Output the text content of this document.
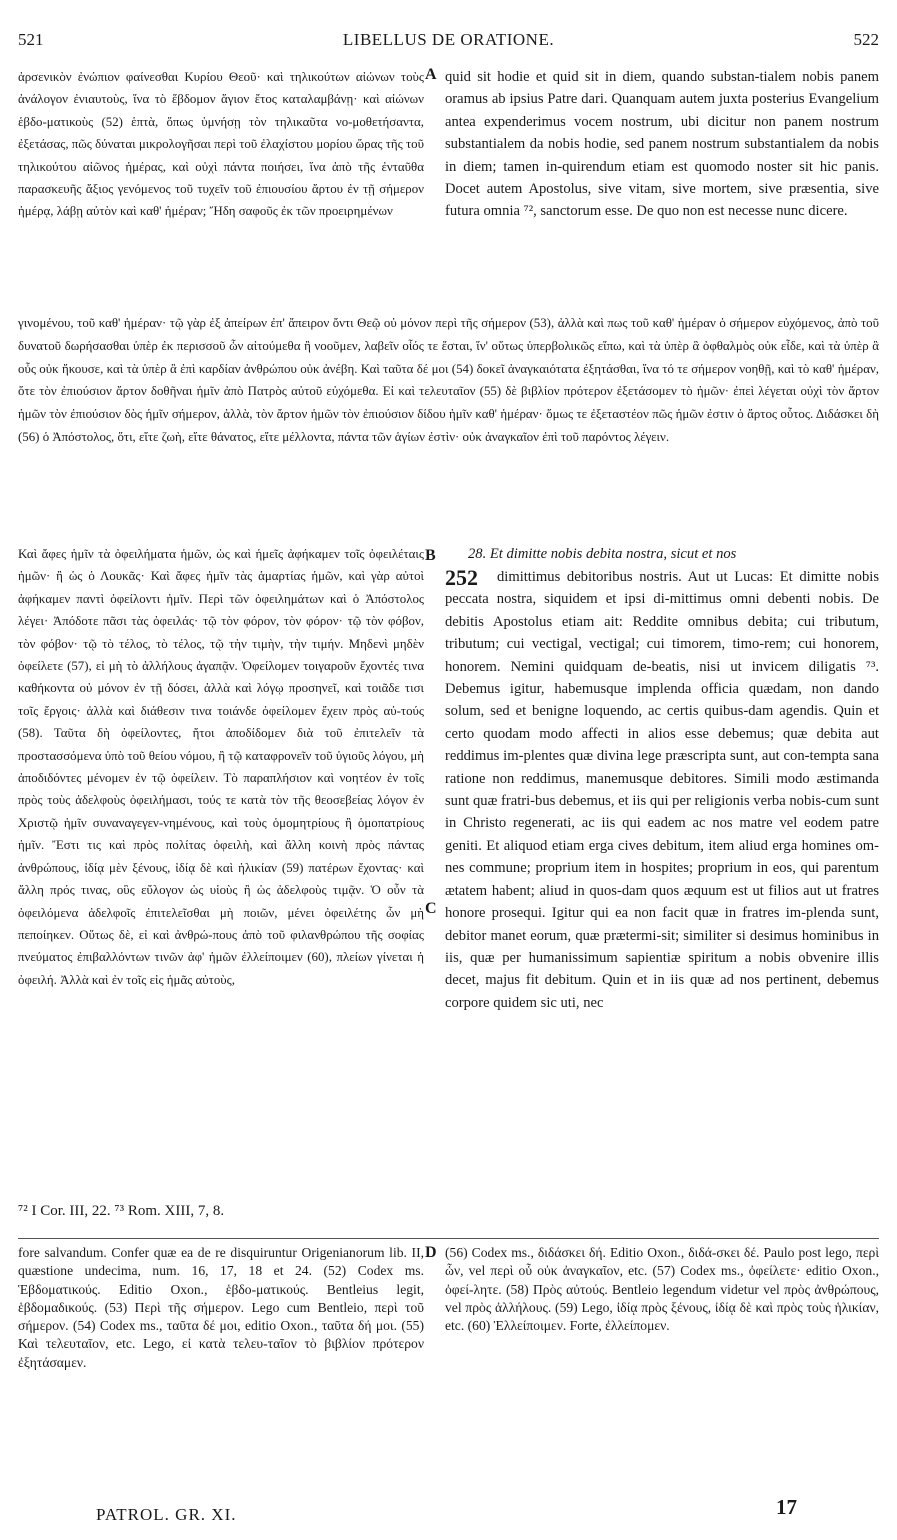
521	LIBELLUS DE ORATIONE.	522
ἀρσενικὸν ἐνώπιον φαίνεσθαι Κυρίου Θεοῦ· καὶ τηλικούτων αἰώνων τοὺς ἀνάλογον ἐνιαυτοὺς, ἵνα τὸ ἕβδομον ἅγιον ἔτος καταλαμβάνῃ· καὶ αἰώνων ἑβδο-ματικοὺς (52) ἑπτὰ, ὅπως ὑμνήσῃ τὸν τηλικαῦτα νο-μοθετήσαντα, ἐξετάσας, πῶς δύναται μικρολογῆσαι περὶ τοῦ ἐλαχίστου μορίου ὥρας τῆς τοῦ τηλικούτου αἰῶνος ἡμέρας, καὶ οὐχὶ πάντα ποιήσει, ἵνα ἀπὸ τῆς ἐνταῦθα παρασκευῆς ἄξιος γενόμενος τοῦ τυχεῖν τοῦ ἐπιουσίου ἄρτου ἐν τῇ σήμερον ἡμέρᾳ, λάβῃ αὐτὸν καὶ καθ' ἡμέραν; Ἤδη σαφοῦς ἐκ τῶν προειρημένων
A quid sit hodie et quid sit in diem, quando substan-tialem nobis panem oramus ab ipsius Patre dari. Quanquam autem juxta posterius Evangelium antea expenderimus vocem nostrum, ubi dicitur non panem nostrum substantialem da nobis hodie, sed panem nostrum substantialem da nobis in diem; tamen in-quirendum etiam est quomodo noster sit hic panis. Docet autem Apostolus, sive vitam, sive mortem, sive præsentia, sive futura omnia ⁷², sanctorum esse. De quo non est necesse nunc dicere.
γινομένου, τοῦ καθ' ἡμέραν· τῷ γὰρ ἐξ ἀπείρων ἐπ' ἄπειρον ὄντι Θεῷ οὐ μόνον περὶ τῆς σήμερον (53), ἀλλὰ καὶ πως τοῦ καθ' ἡμέραν ὁ σήμερον εὐχόμενος, ἀπὸ τοῦ δυνατοῦ δωρήσασθαι ὑπὲρ ἐκ περισσοῦ ὧν αἰτούμεθα ἢ νοοῦμεν, λαβεῖν οἷός τε ἔσται, ἵν' οὕτως ὑπερβολικῶς εἴπω, καὶ τὰ ὑπὲρ ἃ ὀφθαλμὸς οὐκ εἶδε, καὶ τὰ ὑπὲρ ἃ οὖς οὐκ ἤκουσε, καὶ τὰ ὑπὲρ ἃ ἐπὶ καρδίαν ἀνθρώπου οὐκ ἀνέβη. Καὶ ταῦτα δέ μοι (54) δοκεῖ ἀναγκαιότατα ἐξητάσθαι, ἵνα τό τε σήμερον νοηθῇ, καὶ τὸ καθ' ἡμέραν, ὅτε τὸν ἐπιούσιον ἄρτον δοθῆναι ἡμῖν ἀπὸ Πατρὸς αὐτοῦ εὐχόμεθα. Εἰ καὶ τελευταῖον (55) δὲ βιβλίον πρότερον ἐξετάσομεν τὸ ἡμῶν· ἐπεὶ λέγεται οὐχὶ τὸν ἄρτον ἡμῶν τὸν ἐπιούσιον δὸς ἡμῖν σήμερον, ἀλλὰ, τὸν ἄρτον ἡμῶν τὸν ἐπιούσιον δίδου ἡμῖν καθ' ἡμέραν· ὅμως τε ἐξεταστέον πῶς ἡμῶν ἐστιν ὁ ἄρτος οὗτος. Διδάσκει δὴ (56) ὁ Ἀπόστολος, ὅτι, εἴτε ζωὴ, εἴτε θάνατος, εἴτε μέλλοντα, πάντα τῶν ἁγίων ἐστὶν· οὐκ ἀναγκαῖον ἐπὶ τοῦ παρόντος λέγειν.
Καὶ ἄφες ἡμῖν τὰ ὀφειλήματα ἡμῶν, ὡς καὶ ἡμεῖς ἀφήκαμεν τοῖς ὀφειλέταις ἡμῶν· ἢ ὡς ὁ Λουκᾶς· Καὶ ἄφες ἡμῖν τὰς ἁμαρτίας ἡμῶν, καὶ γὰρ αὐτοὶ ἀφήκαμεν παντὶ ὀφείλοντι ἡμῖν. Περὶ τῶν ὀφειλημάτων καὶ ὁ Ἀπόστολος λέγει· Ἀπόδοτε πᾶσι τὰς ὀφειλάς· τῷ τὸν φόρον, τὸν φόρον· τῷ τὸν φόβον, τὸν φόβον· τῷ τὸ τέλος, τὸ τέλος, τῷ τὴν τιμὴν, τὴν τιμήν. Μηδενὶ μηδὲν ὀφείλετε (57), εἰ μὴ τὸ ἀλλήλους ἀγαπᾷν. Ὀφείλομεν τοιγαροῦν ἔχοντές τινα καθήκοντα οὐ μόνον ἐν τῇ δόσει, ἀλλὰ καὶ λόγῳ προσηνεῖ, καὶ τοιᾶδε τισι τοῖς ἔργοις· ἀλλὰ καὶ διάθεσιν τινα τοιάνδε ὀφείλομεν ἔχειν πρὸς αὐ-τούς (58). Ταῦτα δὴ ὀφείλοντες, ἤτοι ἀποδίδομεν διὰ τοῦ ἐπιτελεῖν τὰ προστασσόμενα ὑπὸ τοῦ θείου νόμου, ἢ τῷ καταφρονεῖν τοῦ ὑγιοῦς λόγου, μὴ ἀποδιδόντες μένομεν ἐν τῷ ὀφείλειν. Τὸ παραπλήσιον καὶ νοητέον ἐν τοῖς πρὸς τοὺς ἀδελφοὺς ὀφειλήμασι, τούς τε κατὰ τὸν τῆς θεοσεβείας λόγον ἐν Χριστῷ ἡμῖν συναναγεγεν-νημένους, καὶ τοὺς ὁμομητρίους ἢ ὁμοπατρίους ἡμῖν. Ἔστι τις καὶ πρὸς πολίτας ὀφειλὴ, καὶ ἄλλη κοινὴ πρὸς πάντας ἀνθρώπους, ἰδίᾳ μὲν ξένους, ἰδίᾳ δὲ καὶ ἡλικίαν (59) πατέρων ἔχοντας· καὶ ἄλλη πρός τινας, οὓς εὔλογον ὡς υἱοὺς ἢ ὡς ἀδελφοὺς τιμᾷν. Ὁ οὖν τὰ ὀφειλόμενα ἀδελφοῖς ἐπιτελεῖσθαι μὴ ποιῶν, μένει ὀφειλέτης ὧν μὴ πεποίηκεν. Οὕτως δὲ, εἰ καὶ ἀνθρώ-πους ἀπὸ τοῦ φιλανθρώπου τῆς σοφίας πνεύματος ἐπιβαλλόντων τινῶν ἀφ' ἡμῶν ἐλλείποιμεν (60), πλείων γίνεται ἡ ὀφειλή. Ἀλλὰ καὶ ἐν τοῖς εἰς ἡμᾶς αὐτοὺς,
B
C
28. Et dimitte nobis debita nostra, sicut et nos
252	dimittimus debitoribus nostris. Aut ut Lucas: Et dimitte nobis peccata nostra, siquidem et ipsi di-mittimus omni debenti nobis. De debitis Apostolus etiam ait: Reddite omnibus debita; cui tributum, tributum; cui vectigal, vectigal; cui timorem, timo-rem; cui honorem, honorem. Nemini quidquam de-beatis, nisi ut invicem diligatis ⁷³. Debemus igitur, habemusque implenda officia quædam, non dando solum, sed et benigne loquendo, ac certis quibus-dam agendis. Quin et certo quodam modo affecti in alios esse debemus; quæ debita aut reddimus im-plentes quæ divina lege præscripta sunt, aut con-tempta sana ratione non reddimus, manemusque debitores. Simili modo æstimanda sunt quæ fratri-bus debemus, et iis qui per religionis verba nobis-cum sunt in Christo regenerati, ac iis qui eadem ac nos matre vel eodem patre geniti. Et aliquod etiam erga cives debitum, item aliud erga homines om-nes commune; proprium item in hospites; proprium in eos, qui parentum ætatem habent; aliud in quos-dam quos æquum est ut filios aut ut fratres honore prosequi. Igitur qui ea non facit quæ in fratres im-plenda sunt, debitor manet eorum, quæ prætermi-sit; similiter si desimus hominibus in iis, quæ per humanissimum sapientiæ spiritum a nobis obvenire illis decet, majus fit debitum. Quin et in iis quæ ad nos pertinent, debemus corpore quidem sic uti, nec
⁷² I Cor. III, 22. ⁷³ Rom. XIII, 7, 8.
fore salvandum. Confer quæ ea de re disquiruntur Origenianorum lib. II, quæstione undecima, num. 16, 17, 18 et 24. (52) Codex ms. Ἑβδοματικούς. Editio Oxon., ἑβδο-ματικούς. Bentleius legit, ἑβδομαδικούς. (53) Περὶ τῆς σήμερον. Lego cum Bentleio, περὶ τοῦ σήμερον. (54) Codex ms., ταῦτα δέ μοι, editio Oxon., ταῦτα δή μοι. (55) Καὶ τελευταῖον, etc. Lego, εἰ κατὰ τελευ-ταῖον τὸ βιβλίον πρότερον ἐξητάσαμεν.
D (56) Codex ms., διδάσκει δή. Editio Oxon., διδά-σκει δέ. Paulo post lego, περὶ ὧν, vel περὶ οὗ οὐκ ἀναγκαῖον, etc. (57) Codex ms., ὀφείλετε· editio Oxon., ὀφεί-λητε. (58) Πρὸς αὐτούς. Bentleio legendum videtur vel πρὸς ἀνθρώπους, vel πρὸς ἀλλήλους. (59) Lego, ἰδίᾳ πρὸς ξένους, ἰδίᾳ δὲ καὶ πρὸς τοὺς ἡλικίαν, etc. (60) Ἐλλείποιμεν. Forte, ἐλλείπομεν.
PATROL. GR. XI.	17
